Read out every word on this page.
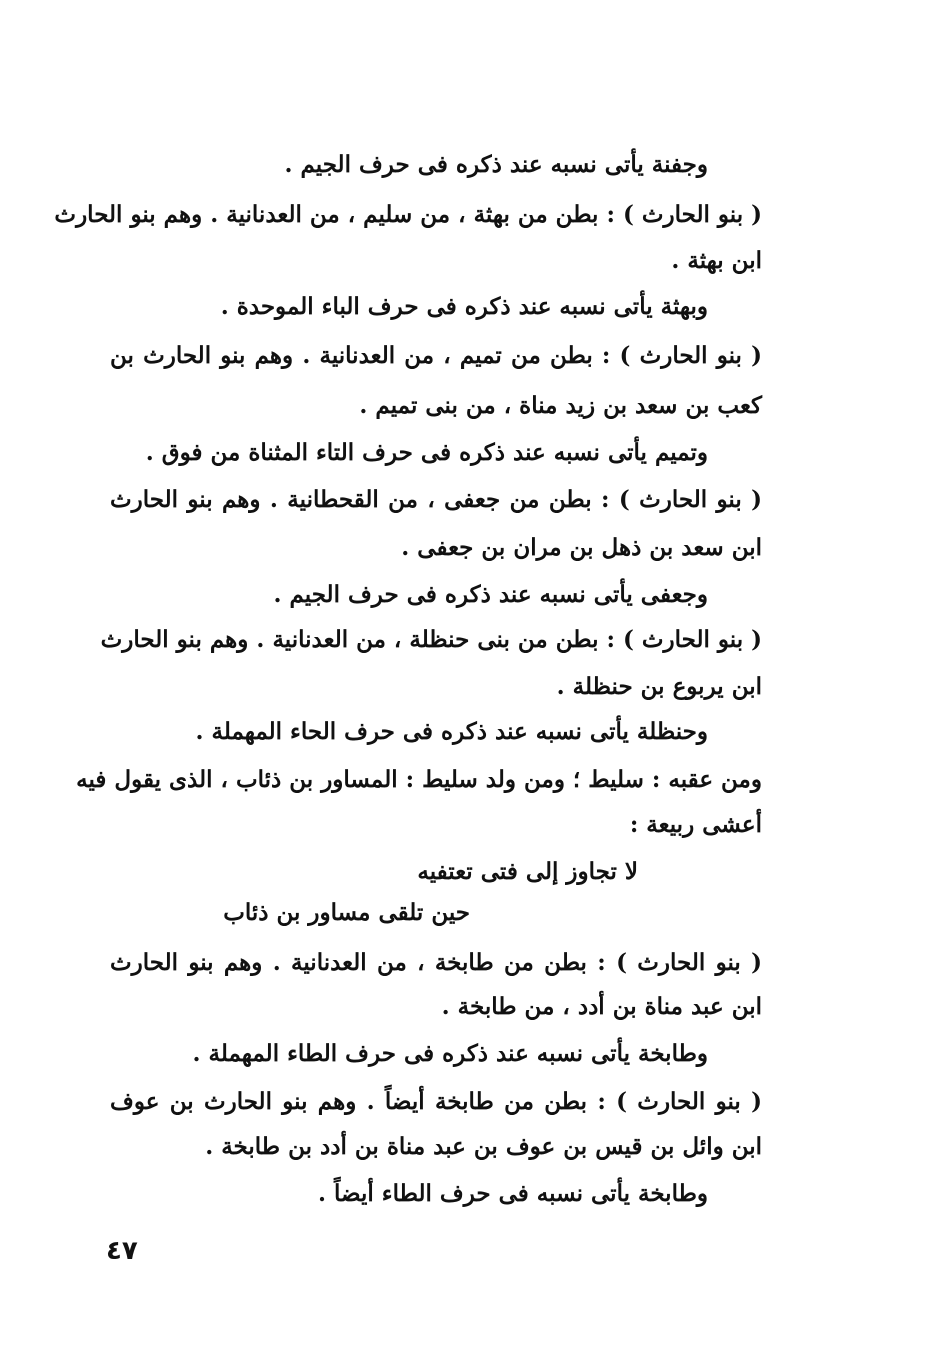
وجفنة يأتى نسبه عند ذكره فى حرف الجيم .
( بنو الحارث ) : بطن من بهثة ، من سليم ، من العدنانية . وهم بنو الحارث
ابن بهثة .
وبهثة يأتى نسبه عند ذكره فى حرف الباء الموحدة .
( بنو الحارث ) : بطن من تميم ، من العدنانية . وهم بنو الحارث بن
كعب بن سعد بن زيد مناة ، من بنى تميم .
وتميم يأتى نسبه عند ذكره فى حرف التاء المثناة من فوق .
( بنو الحارث ) : بطن من جعفى ، من القحطانية . وهم بنو الحارث
ابن سعد بن ذهل بن مران بن جعفى .
وجعفى يأتى نسبه عند ذكره فى حرف الجيم .
( بنو الحارث ) : بطن من بنى حنظلة ، من العدنانية . وهم بنو الحارث
ابن يربوع بن حنظلة .
وحنظلة يأتى نسبه عند ذكره فى حرف الحاء المهملة .
ومن عقبه : سليط ؛ ومن ولد سليط : المساور بن ذئاب ، الذى يقول فيه
أعشى ربيعة :
لا تجاوز إلى فتى تعتفيه
حين تلقى مساور بن ذئاب
( بنو الحارث ) : بطن من طابخة ، من العدنانية . وهم بنو الحارث
ابن عبد مناة بن أدد ، من طابخة .
وطابخة يأتى نسبه عند ذكره فى حرف الطاء المهملة .
( بنو الحارث ) : بطن من طابخة أيضاً . وهم بنو الحارث بن عوف
ابن وائل بن قيس بن عوف بن عبد مناة بن أدد بن طابخة .
وطابخة يأتى نسبه فى حرف الطاء أيضاً .
٤٧
